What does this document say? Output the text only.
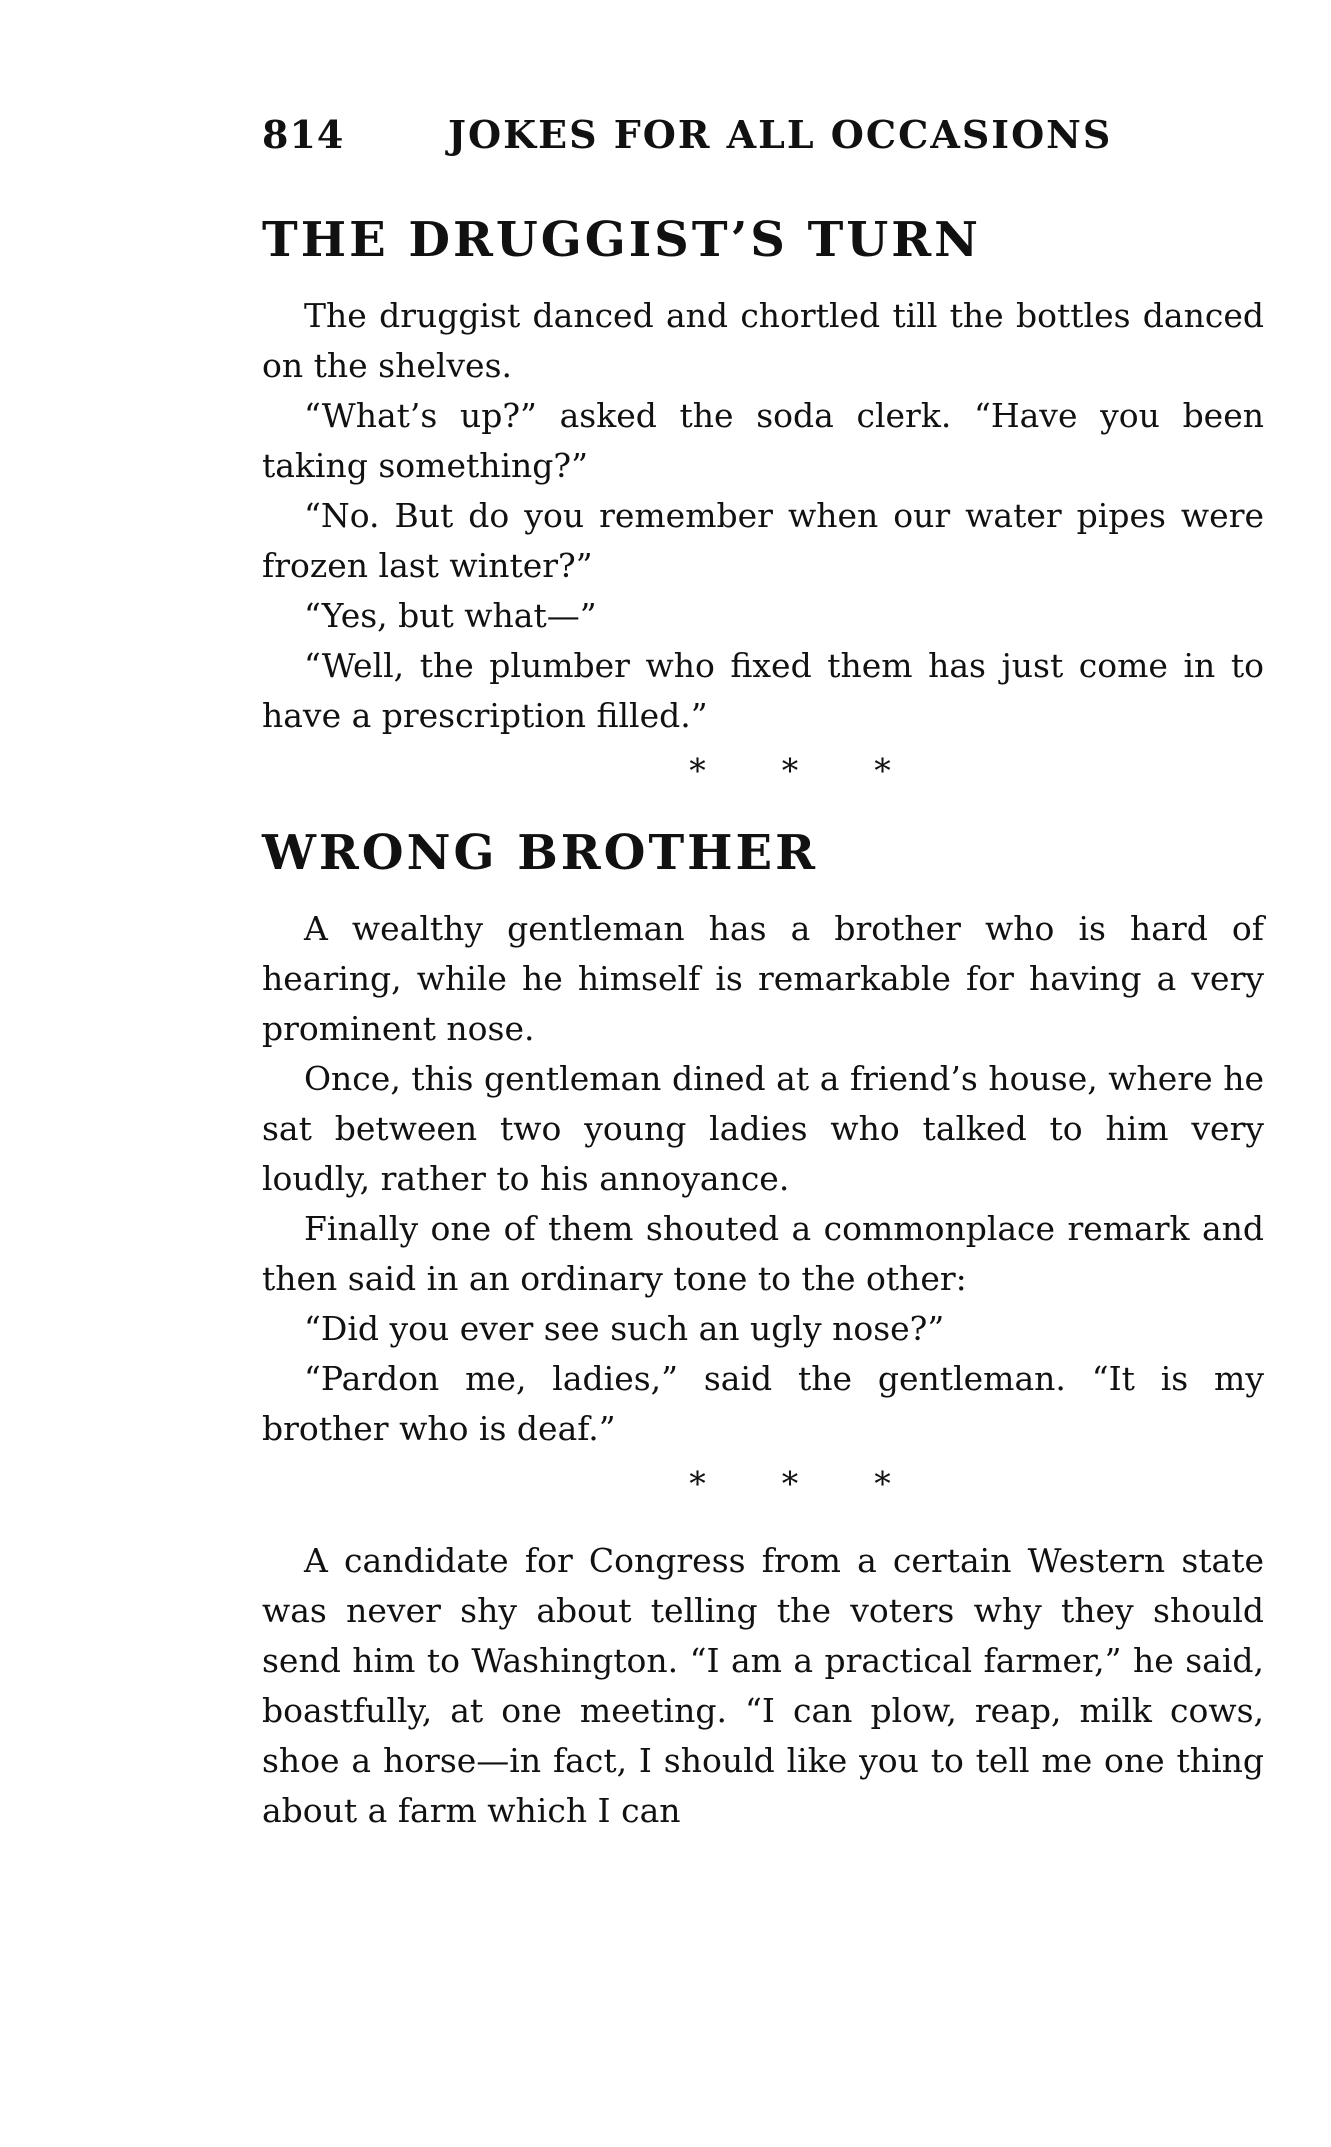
814	JOKES FOR ALL OCCASIONS
THE DRUGGIST’S TURN

The druggist danced and chortled till the bottles danced on the shelves.

“What’s up?” asked the soda clerk. “Have you been taking something?”

“No. But do you remember when our water pipes were frozen last winter?”

“Yes, but what—”

“Well, the plumber who fixed them has just come in to have a prescription filled.”

* * *
WRONG BROTHER

A wealthy gentleman has a brother who is hard of hearing, while he himself is remarkable for having a very prominent nose.

Once, this gentleman dined at a friend’s house, where he sat between two young ladies who talked to him very loudly, rather to his annoyance.

Finally one of them shouted a commonplace remark and then said in an ordinary tone to the other:

“Did you ever see such an ugly nose?”

“Pardon me, ladies,” said the gentleman. “It is my brother who is deaf.”

* * *

A candidate for Congress from a certain Western state was never shy about telling the voters why they should send him to Washington. “I am a practical farmer,” he said, boastfully, at one meeting. “I can plow, reap, milk cows, shoe a horse—in fact, I should like you to tell me one thing about a farm which I can
